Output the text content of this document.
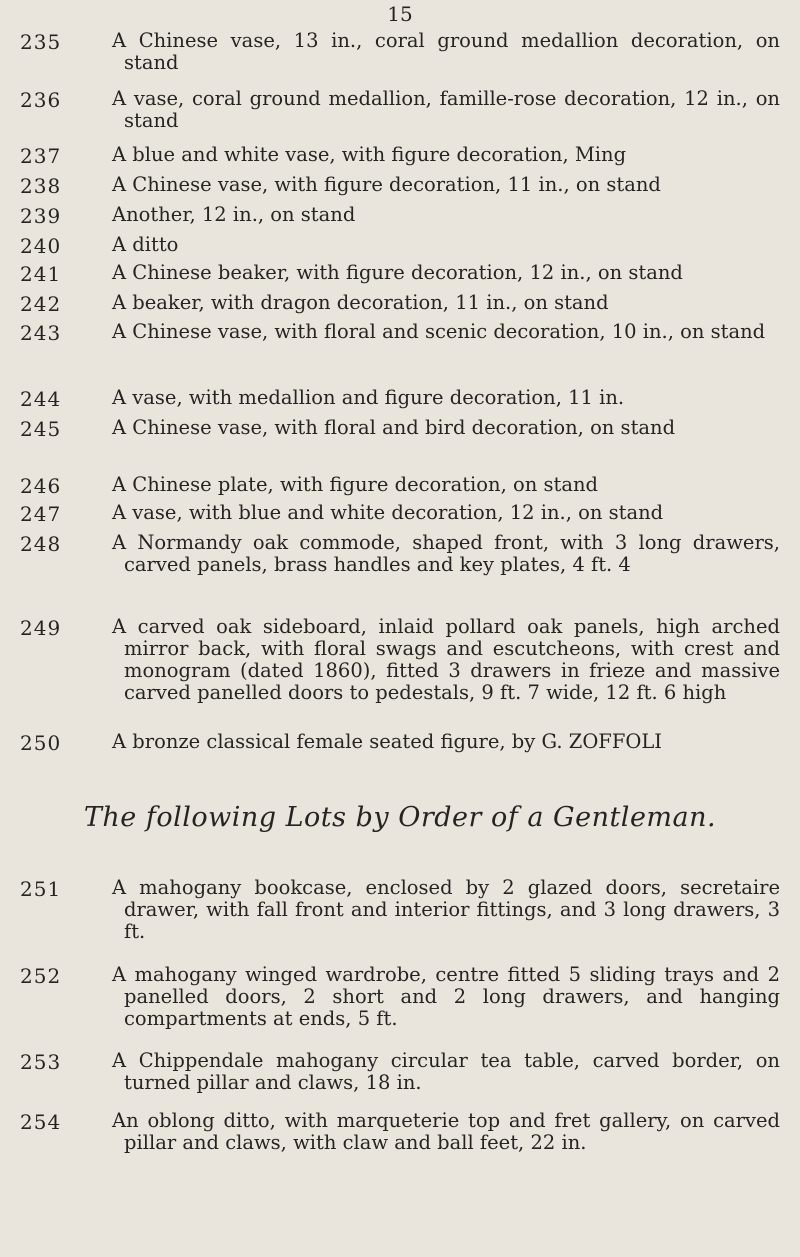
15
235	A Chinese vase, 13 in., coral ground medallion decoration, on stand
236	A vase, coral ground medallion, famille-rose decoration, 12 in., on stand
237	A blue and white vase, with figure decoration, Ming
238	A Chinese vase, with figure decoration, 11 in., on stand
239	Another, 12 in., on stand
240	A ditto
241	A Chinese beaker, with figure decoration, 12 in., on stand
242	A beaker, with dragon decoration, 11 in., on stand
243	A Chinese vase, with floral and scenic decoration, 10 in., on stand
244	A vase, with medallion and figure decoration, 11 in.
245	A Chinese vase, with floral and bird decoration, on stand
246	A Chinese plate, with figure decoration, on stand
247	A vase, with blue and white decoration, 12 in., on stand
248	A Normandy oak commode, shaped front, with 3 long drawers, carved panels, brass handles and key plates, 4 ft. 4
249	A carved oak sideboard, inlaid pollard oak panels, high arched mirror back, with floral swags and escutcheons, with crest and monogram (dated 1860), fitted 3 drawers in frieze and massive carved panelled doors to pedestals, 9 ft. 7 wide, 12 ft. 6 high
250	A bronze classical female seated figure, by G. ZOFFOLI
The following Lots by Order of a Gentleman.
251	A mahogany bookcase, enclosed by 2 glazed doors, secretaire drawer, with fall front and interior fittings, and 3 long drawers, 3 ft.
252	A mahogany winged wardrobe, centre fitted 5 sliding trays and 2 panelled doors, 2 short and 2 long drawers, and hanging compartments at ends, 5 ft.
253	A Chippendale mahogany circular tea table, carved border, on turned pillar and claws, 18 in.
254	An oblong ditto, with marqueterie top and fret gallery, on carved pillar and claws, with claw and ball feet, 22 in.
